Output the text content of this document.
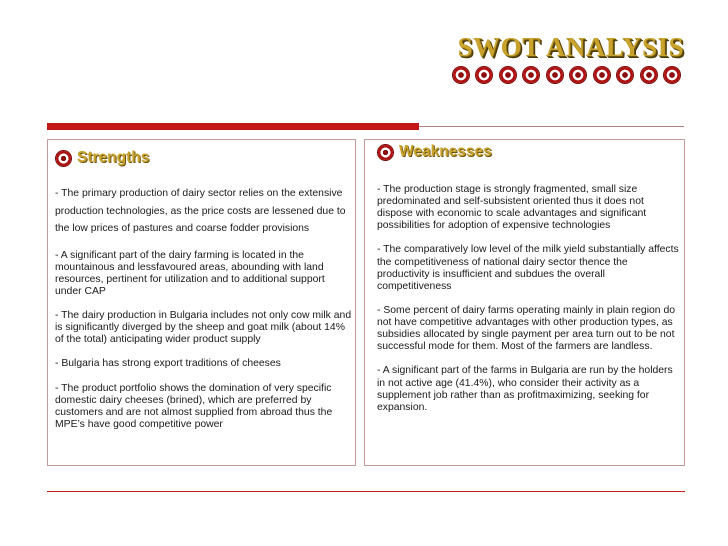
SWOT ANALYSIS
Strengths

- The primary production of dairy sector relies on the extensive production technologies, as the price costs are lessened due to the low prices of pastures and coarse fodder provisions

- A significant part of the dairy farming is located in the mountainous and lessfavoured areas, abounding with land resources, pertinent for utilization and to additional support under CAP

- The dairy production in Bulgaria includes not only cow milk and is significantly diverged by the sheep and goat milk (about 14% of the total) anticipating wider product supply

- Bulgaria has strong export traditions of cheeses

- The product portfolio shows the domination of very specific domestic dairy cheeses (brined), which are preferred by customers and are not almost supplied from abroad thus the MPE’s have good competitive power

Weaknesses

- The production stage is strongly fragmented, small size predominated and self-subsistent oriented thus it does not dispose with economic to scale advantages and significant possibilities for adoption of expensive technologies

- The comparatively low level of the milk yield substantially affects the competitiveness of national dairy sector thence the productivity is insufficient and subdues the overall competitiveness

- Some percent of dairy farms operating mainly in plain region do not have competitive advantages with other production types, as subsidies allocated by single payment per area turn out to be not successful mode for them. Most of the farmers are landless.

- A significant part of the farms in Bulgaria are run by the holders in not active age (41.4%), who consider their activity as a supplement job rather than as profitmaximizing, seeking for expansion.
